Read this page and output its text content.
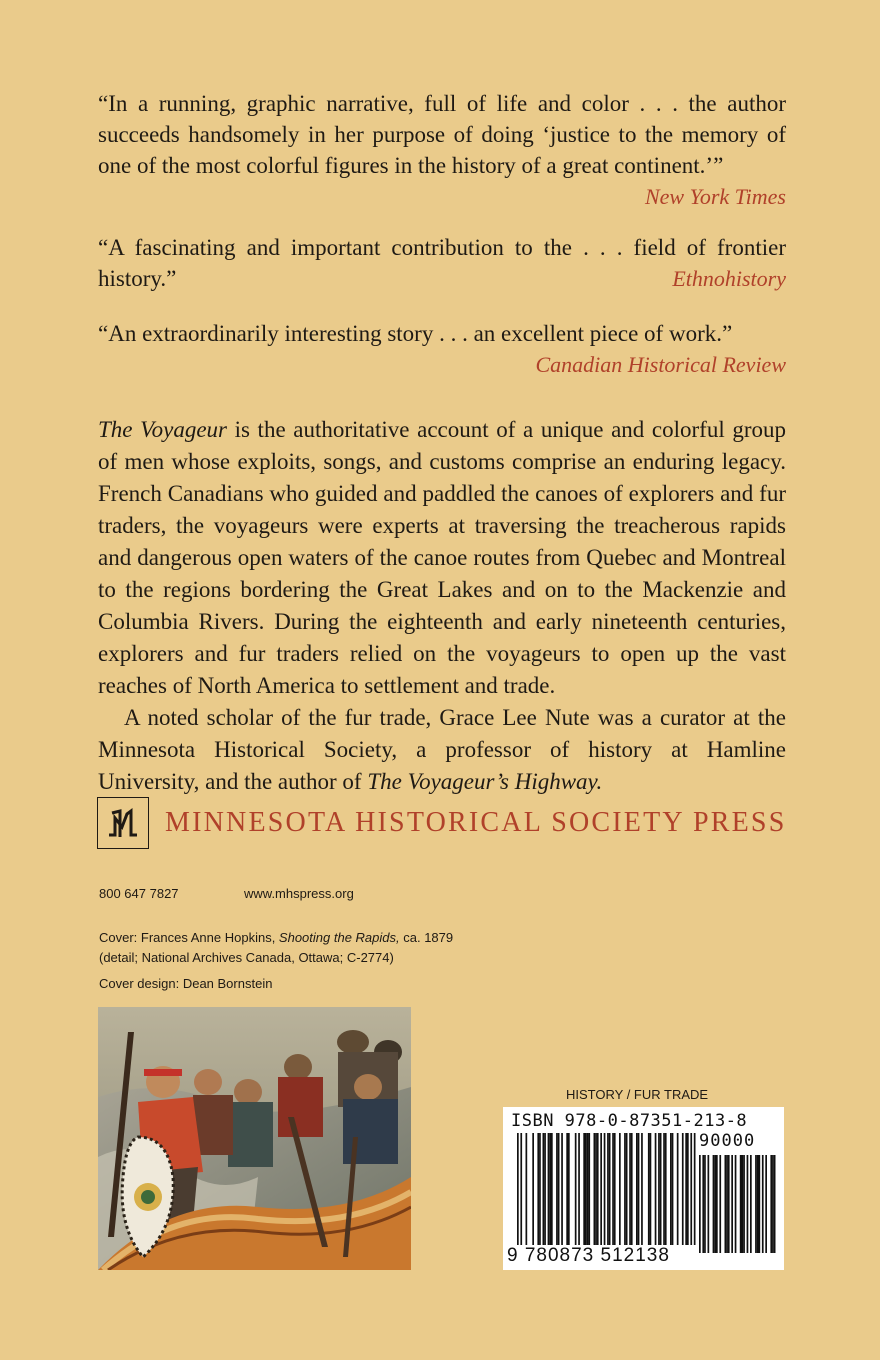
“In a running, graphic narrative, full of life and color . . . the author succeeds handsomely in her purpose of doing ‘justice to the memory of one of the most colorful figures in the history of a great continent.’”

New York Times

“A fascinating and important contribution to the . . . field of frontier history.”	Ethnohistory

“An extraordinarily interesting story . . . an excellent piece of work.”

Canadian Historical Review

The Voyageur is the authoritative account of a unique and colorful group of men whose exploits, songs, and customs comprise an enduring legacy. French Canadians who guided and paddled the canoes of explorers and fur traders, the voyageurs were experts at traversing the treacherous rapids and dangerous open waters of the canoe routes from Quebec and Montreal to the regions bordering the Great Lakes and on to the Mackenzie and Columbia Rivers. During the eighteenth and early nineteenth centuries, explorers and fur traders relied on the voyageurs to open up the vast reaches of North America to settlement and trade.

A noted scholar of the fur trade, Grace Lee Nute was a curator at the Minnesota Historical Society, a professor of history at Hamline University, and the author of The Voyageur’s Highway.

MINNESOTA HISTORICAL SOCIETY PRESS
800 647 7827	www.mhspress.org
Cover: Frances Anne Hopkins, Shooting the Rapids, ca. 1879
(detail; National Archives Canada, Ottawa; C-2774)
Cover design: Dean Bornstein
HISTORY / FUR TRADE
ISBN 978-0-87351-213-8
90000
9 780873 512138
